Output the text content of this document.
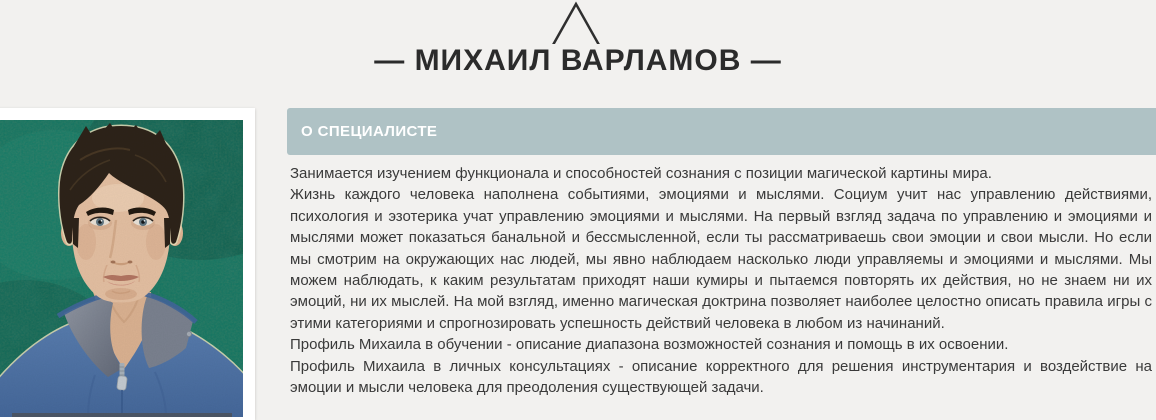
— МИХАИЛ ВАРЛАМОВ —
О СПЕЦИАЛИСТЕ

Занимается изучением функционала и способностей сознания с позиции магической картины мира.

Жизнь каждого человека наполнена событиями, эмоциями и мыслями. Социум учит нас управлению действиями, психология и эзотерика учат управлению эмоциями и мыслями. На первый взгляд задача по управлению и эмоциями и мыслями может показаться банальной и бессмысленной, если ты рассматриваешь свои эмоции и свои мысли. Но если мы смотрим на окружающих нас людей, мы явно наблюдаем насколько люди управляемы и эмоциями и мыслями. Мы можем наблюдать, к каким результатам приходят наши кумиры и пытаемся повторять их действия, но не знаем ни их эмоций, ни их мыслей. На мой взгляд, именно магическая доктрина позволяет наиболее целостно описать правила игры с этими категориями и спрогнозировать успешность действий человека в любом из начинаний.

Профиль Михаила в обучении - описание диапазона возможностей сознания и помощь в их освоении.

Профиль Михаила в личных консультациях - описание корректного для решения инструментария и воздействие на эмоции и мысли человека для преодоления существующей задачи.
